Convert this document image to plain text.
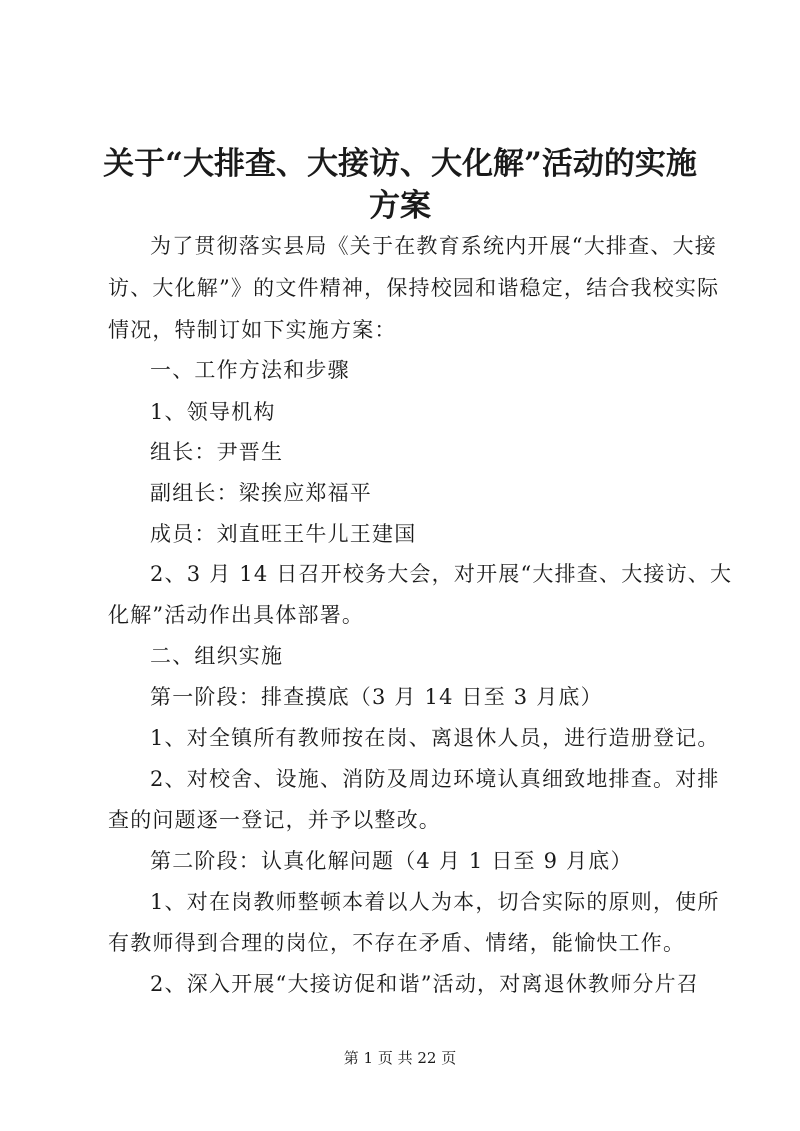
关于“大排查、大接访、大化解”活动的实施
方案
为了贯彻落实县局《关于在教育系统内开展“大排查、大接
访、大化解”》的文件精神，保持校园和谐稳定，结合我校实际
情况，特制订如下实施方案：
一、工作方法和步骤
1、领导机构
组长：尹晋生
副组长：梁挨应郑福平
成员：刘直旺王牛儿王建国
2、3 月 14 日召开校务大会，对开展“大排查、大接访、大
化解”活动作出具体部署。
二、组织实施
第一阶段：排查摸底（3 月 14 日至 3 月底）
1、对全镇所有教师按在岗、离退休人员，进行造册登记。
2、对校舍、设施、消防及周边环境认真细致地排查。对排
查的问题逐一登记，并予以整改。
第二阶段：认真化解问题（4 月 1 日至 9 月底）
1、对在岗教师整顿本着以人为本，切合实际的原则，使所
有教师得到合理的岗位，不存在矛盾、情绪，能愉快工作。
2、深入开展“大接访促和谐”活动，对离退休教师分片召
第 1 页 共 22 页
